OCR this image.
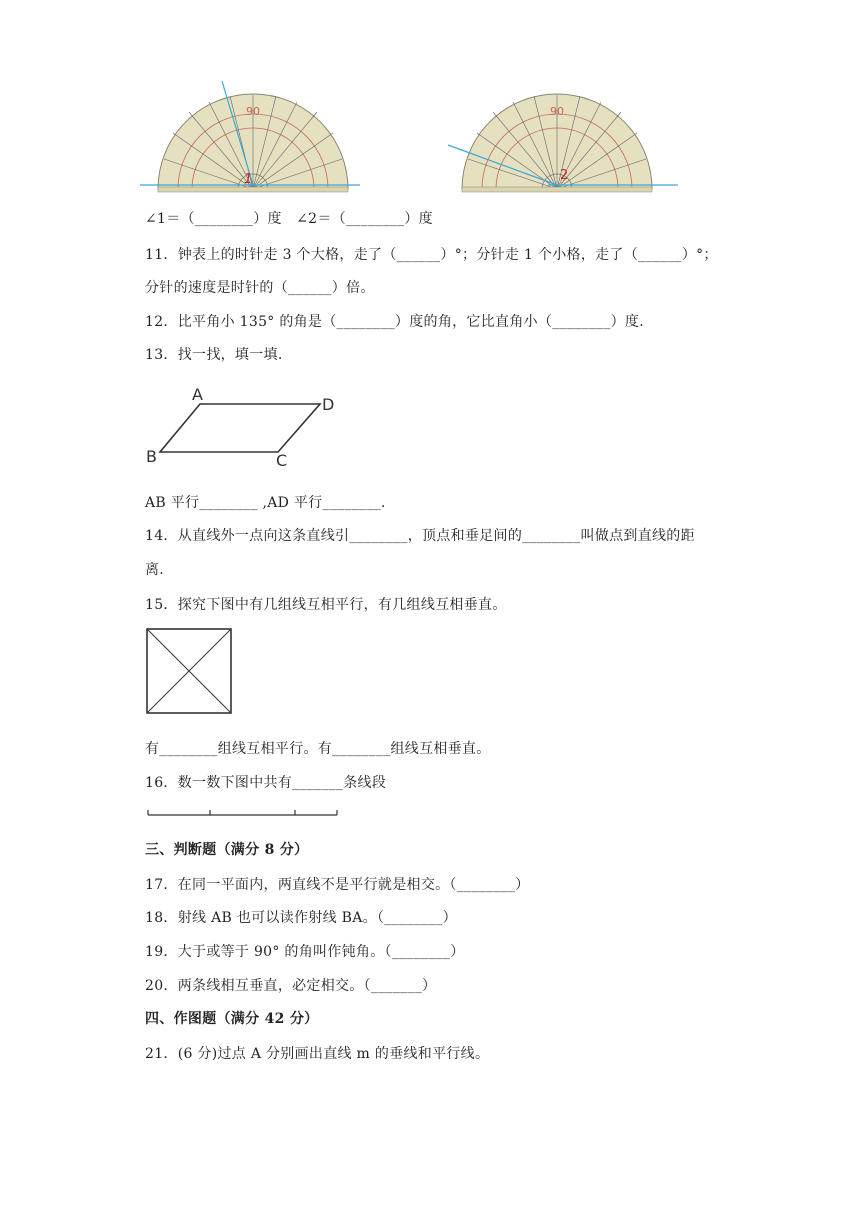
90
1
90
2
∠1＝（________）度　∠2＝（________）度
11．钟表上的时针走 3 个大格，走了（______）°；分针走 1 个小格，走了（______）°；
分针的速度是时针的（______）倍。
12．比平角小 135° 的角是（________）度的角，它比直角小（________）度.
13．找一找，填一填.
A
D
B	C
AB 平行________ ,AD 平行________.
14．从直线外一点向这条直线引________，顶点和垂足间的________叫做点到直线的距
离.
15．探究下图中有几组线互相平行，有几组线互相垂直。
有________组线互相平行。有________组线互相垂直。
16．数一数下图中共有_______条线段
三、判断题（满分 8 分）
17．在同一平面内，两直线不是平行就是相交。（________）
18．射线 AB 也可以读作射线 BA。（________）
19．大于或等于 90° 的角叫作钝角。（________）
20．两条线相互垂直，必定相交。（_______）
四、作图题（满分 42 分）
21．(6 分)过点 A 分别画出直线 m 的垂线和平行线。
